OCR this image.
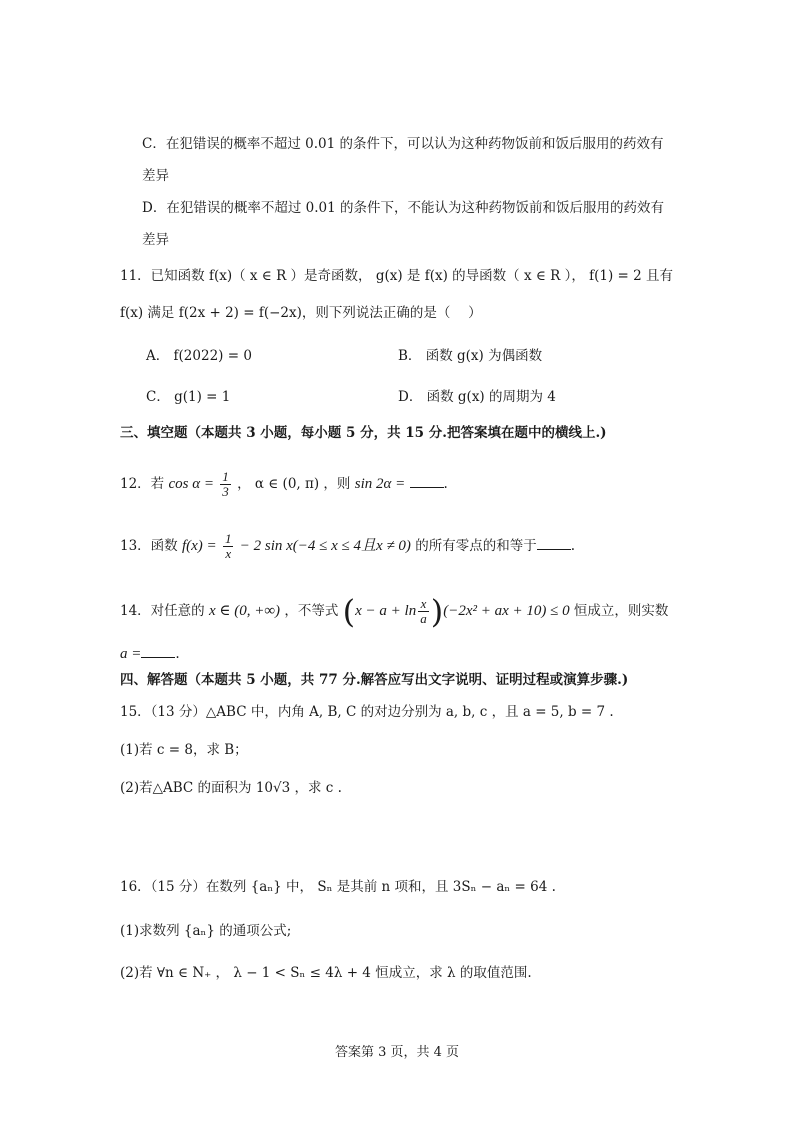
C．在犯错误的概率不超过 0.01 的条件下，可以认为这种药物饭前和饭后服用的药效有
差异
D．在犯错误的概率不超过 0.01 的条件下，不能认为这种药物饭前和饭后服用的药效有
差异
11．已知函数 f(x)（ x ∈ R ）是奇函数， g(x) 是 f(x) 的导函数（ x ∈ R ）， f(1) = 2 且有
f(x) 满足 f(2x + 2) = f(−2x)，则下列说法正确的是（　 ）
A． f(2022) = 0	B． 函数 g(x) 为偶函数
C． g(1) = 1	D． 函数 g(x) 的周期为 4
三、填空题（本题共 3 小题，每小题 5 分，共 15 分.把答案填在题中的横线上.)
12．若 $\cos \alpha = \frac{1}{3}$ ， α ∈ (0, π) ，则 sin 2α =	.
13．函数 $f(x) = \frac{1}{x} - 2$ sin x(−4 ≤ x ≤ 4且x ≠ 0) 的所有零点的和等于	.
14．对任意的 x ∈ (0, +∞) ，不等式 $(x - a + \ln \frac{x}{a} )(-2x^2$ + ax + 10) ≤ 0 恒成立，则实数
a =	.
四、解答题（本题共 5 小题，共 77 分.解答应写出文字说明、证明过程或演算步骤.)
15．（13 分）△ABC 中，内角 A, B, C 的对边分别为 a, b, c ，且 a = 5, b = 7 .
(1)若 c = 8，求 B；
(2)若△ABC 的面积为 10√3 ，求 c .
16．（15 分）在数列 {aₙ} 中， Sₙ 是其前 n 项和，且 3Sₙ − aₙ = 64 .
(1)求数列 {aₙ} 的通项公式;
(2)若 ∀n ∈ N₊ ， λ − 1 < Sₙ ≤ 4λ + 4 恒成立，求 λ 的取值范围.
答案第 3 页，共 4 页
